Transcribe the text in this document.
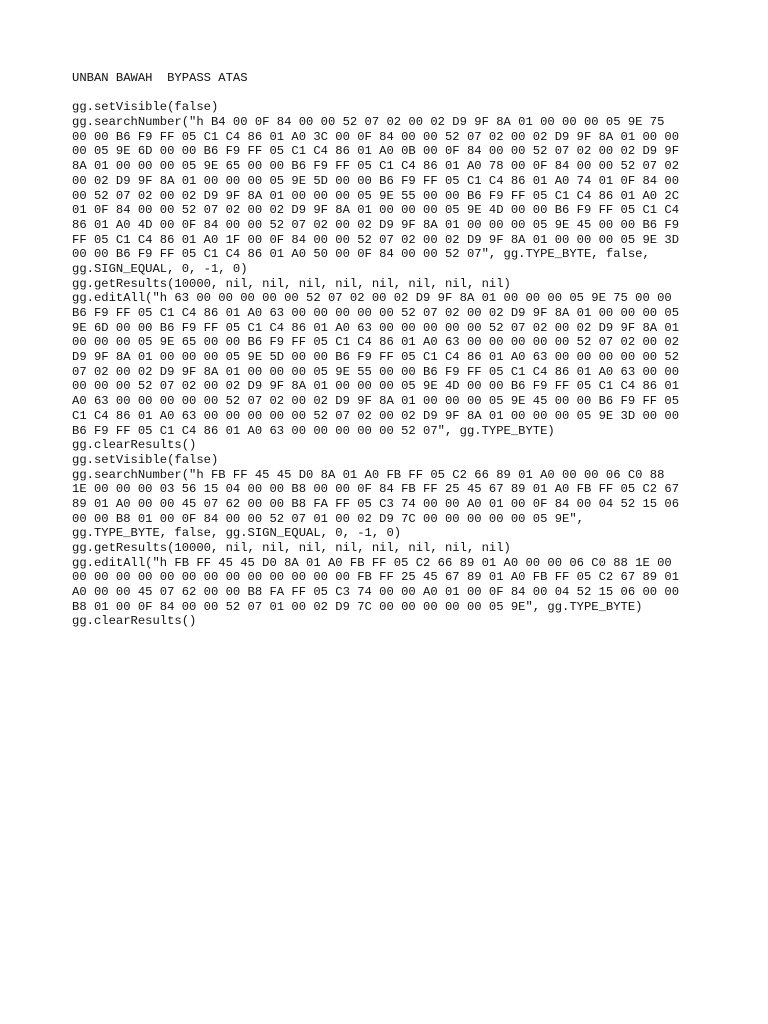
UNBAN BAWAH  BYPASS ATAS
gg.setVisible(false)
gg.searchNumber("h B4 00 0F 84 00 00 52 07 02 00 02 D9 9F 8A 01 00 00 00 05 9E 75
00 00 B6 F9 FF 05 C1 C4 86 01 A0 3C 00 0F 84 00 00 52 07 02 00 02 D9 9F 8A 01 00 00
00 05 9E 6D 00 00 B6 F9 FF 05 C1 C4 86 01 A0 0B 00 0F 84 00 00 52 07 02 00 02 D9 9F
8A 01 00 00 00 05 9E 65 00 00 B6 F9 FF 05 C1 C4 86 01 A0 78 00 0F 84 00 00 52 07 02
00 02 D9 9F 8A 01 00 00 00 05 9E 5D 00 00 B6 F9 FF 05 C1 C4 86 01 A0 74 01 0F 84 00
00 52 07 02 00 02 D9 9F 8A 01 00 00 00 05 9E 55 00 00 B6 F9 FF 05 C1 C4 86 01 A0 2C
01 0F 84 00 00 52 07 02 00 02 D9 9F 8A 01 00 00 00 05 9E 4D 00 00 B6 F9 FF 05 C1 C4
86 01 A0 4D 00 0F 84 00 00 52 07 02 00 02 D9 9F 8A 01 00 00 00 05 9E 45 00 00 B6 F9
FF 05 C1 C4 86 01 A0 1F 00 0F 84 00 00 52 07 02 00 02 D9 9F 8A 01 00 00 00 05 9E 3D
00 00 B6 F9 FF 05 C1 C4 86 01 A0 50 00 0F 84 00 00 52 07", gg.TYPE_BYTE, false,
gg.SIGN_EQUAL, 0, -1, 0)
gg.getResults(10000, nil, nil, nil, nil, nil, nil, nil, nil)
gg.editAll("h 63 00 00 00 00 00 52 07 02 00 02 D9 9F 8A 01 00 00 00 05 9E 75 00 00
B6 F9 FF 05 C1 C4 86 01 A0 63 00 00 00 00 00 52 07 02 00 02 D9 9F 8A 01 00 00 00 05
9E 6D 00 00 B6 F9 FF 05 C1 C4 86 01 A0 63 00 00 00 00 00 52 07 02 00 02 D9 9F 8A 01
00 00 00 05 9E 65 00 00 B6 F9 FF 05 C1 C4 86 01 A0 63 00 00 00 00 00 52 07 02 00 02
D9 9F 8A 01 00 00 00 05 9E 5D 00 00 B6 F9 FF 05 C1 C4 86 01 A0 63 00 00 00 00 00 52
07 02 00 02 D9 9F 8A 01 00 00 00 05 9E 55 00 00 B6 F9 FF 05 C1 C4 86 01 A0 63 00 00
00 00 00 52 07 02 00 02 D9 9F 8A 01 00 00 00 05 9E 4D 00 00 B6 F9 FF 05 C1 C4 86 01
A0 63 00 00 00 00 00 52 07 02 00 02 D9 9F 8A 01 00 00 00 05 9E 45 00 00 B6 F9 FF 05
C1 C4 86 01 A0 63 00 00 00 00 00 52 07 02 00 02 D9 9F 8A 01 00 00 00 05 9E 3D 00 00
B6 F9 FF 05 C1 C4 86 01 A0 63 00 00 00 00 00 52 07", gg.TYPE_BYTE)
gg.clearResults()
gg.setVisible(false)
gg.searchNumber("h FB FF 45 45 D0 8A 01 A0 FB FF 05 C2 66 89 01 A0 00 00 06 C0 88
1E 00 00 00 03 56 15 04 00 00 B8 00 00 0F 84 FB FF 25 45 67 89 01 A0 FB FF 05 C2 67
89 01 A0 00 00 45 07 62 00 00 B8 FA FF 05 C3 74 00 00 A0 01 00 0F 84 00 04 52 15 06
00 00 B8 01 00 0F 84 00 00 52 07 01 00 02 D9 7C 00 00 00 00 00 05 9E",
gg.TYPE_BYTE, false, gg.SIGN_EQUAL, 0, -1, 0)
gg.getResults(10000, nil, nil, nil, nil, nil, nil, nil, nil)
gg.editAll("h FB FF 45 45 D0 8A 01 A0 FB FF 05 C2 66 89 01 A0 00 00 06 C0 88 1E 00
00 00 00 00 00 00 00 00 00 00 00 00 00 FB FF 25 45 67 89 01 A0 FB FF 05 C2 67 89 01
A0 00 00 45 07 62 00 00 B8 FA FF 05 C3 74 00 00 A0 01 00 0F 84 00 04 52 15 06 00 00
B8 01 00 0F 84 00 00 52 07 01 00 02 D9 7C 00 00 00 00 00 05 9E", gg.TYPE_BYTE)
gg.clearResults()
